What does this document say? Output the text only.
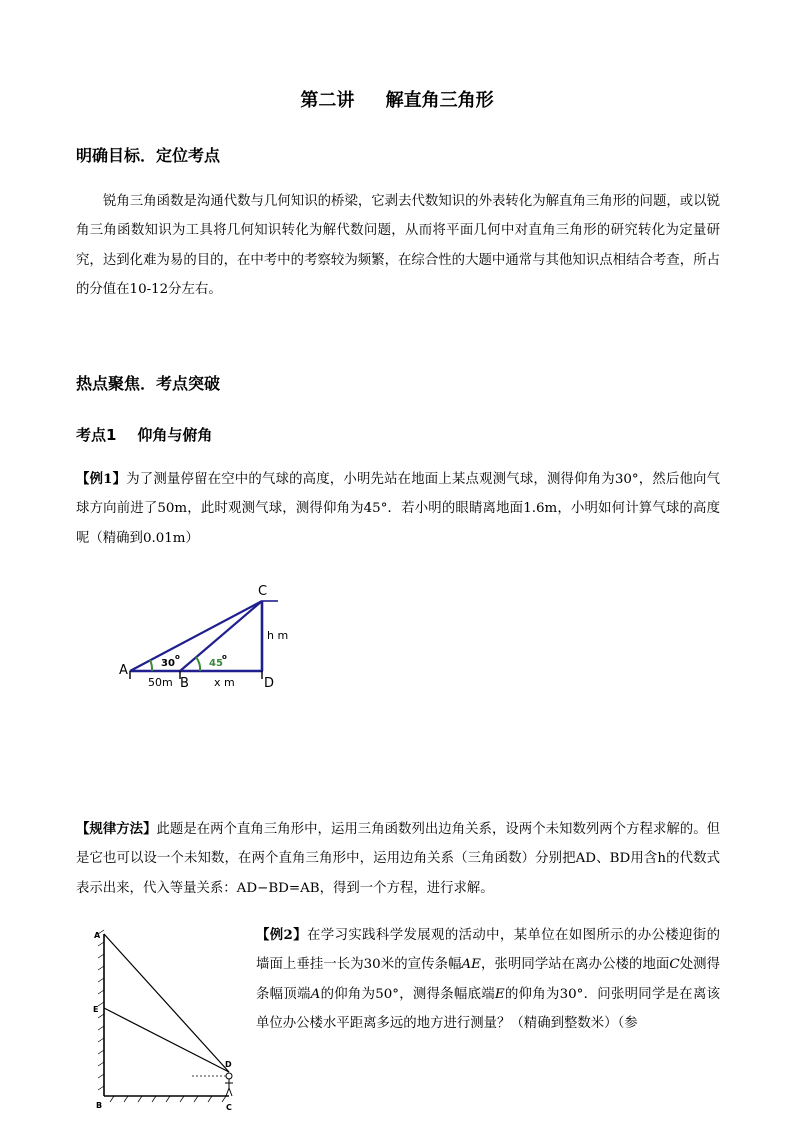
第二讲     解直角三角形
明确目标．定位考点
锐角三角函数是沟通代数与几何知识的桥梁，它剥去代数知识的外表转化为解直角三角形的问题，或以锐角三角函数知识为工具将几何知识转化为解代数问题，从而将平面几何中对直角三角形的研究转化为定量研究，达到化难为易的目的，在中考中的考察较为频繁，在综合性的大题中通常与其他知识点相结合考查，所占的分值在10-12分左右。
热点聚焦．考点突破
考点1    仰角与俯角
【例1】为了测量停留在空中的气球的高度，小明先站在地面上某点观测气球，测得仰角为30°，然后他向气球方向前进了50m，此时观测气球，测得仰角为45°．若小明的眼睛离地面1.6m，小明如何计算气球的高度呢（精确到0.01m）
A
B
C
D
30
o
45
o
50m	x m
h m
【规律方法】此题是在两个直角三角形中，运用三角函数列出边角关系，设两个未知数列两个方程求解的。但是它也可以设一个未知数，在两个直角三角形中，运用边角关系（三角函数）分别把AD、BD用含h的代数式表示出来，代入等量关系：AD−BD=AB，得到一个方程，进行求解。
A
E
D
B	C
【例2】在学习实践科学发展观的活动中，某单位在如图所示的办公楼迎街的墙面上垂挂一长为30米的宣传条幅AE，张明同学站在离办公楼的地面C处测得条幅顶端A的仰角为50°，测得条幅底端E的仰角为30°．问张明同学是在离该单位办公楼水平距离多远的地方进行测量？（精确到整数米）（参
